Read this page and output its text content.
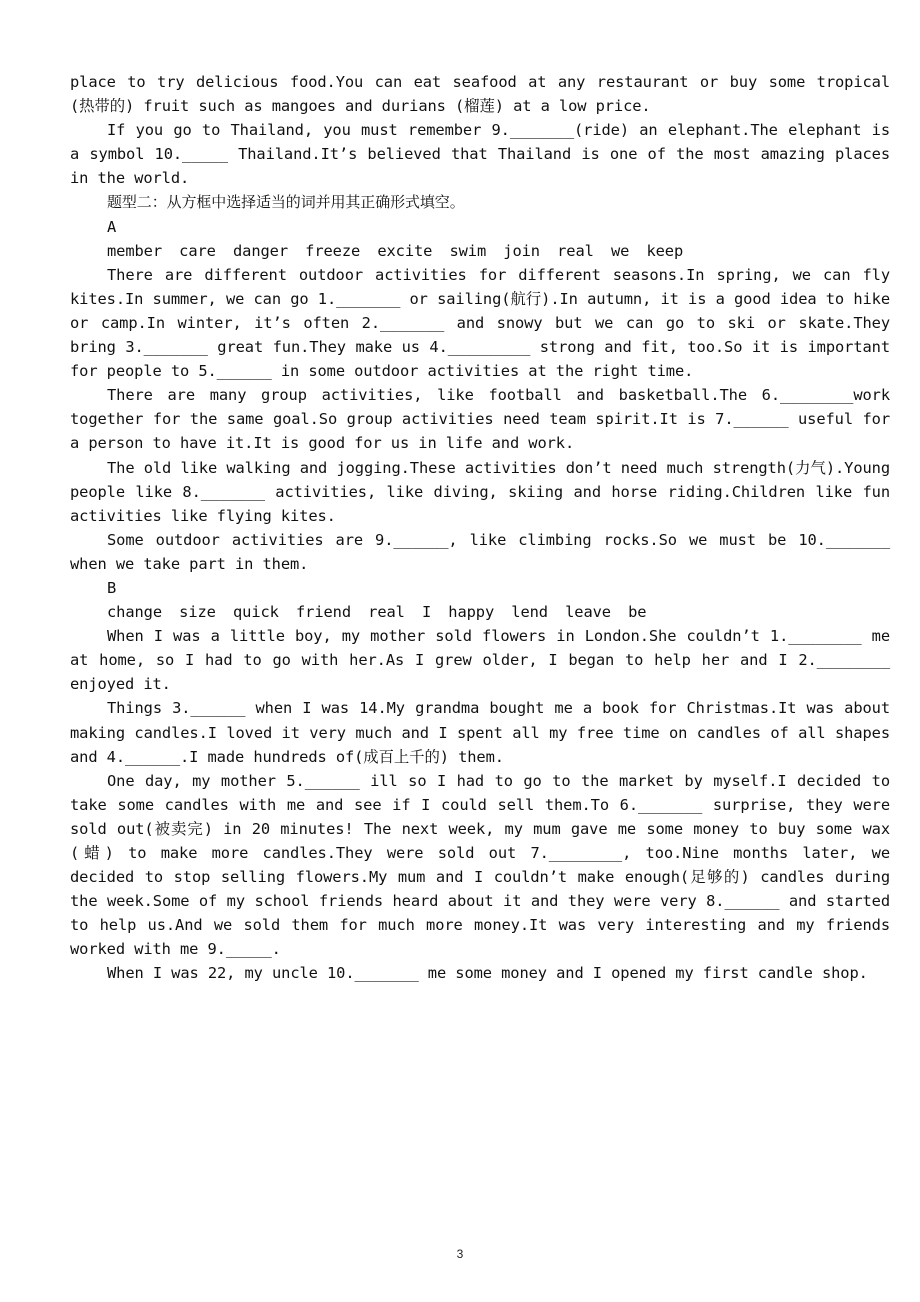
place to try delicious food.You can eat seafood at any restaurant or buy some tropical (热带的) fruit such as mangoes and durians (榴莲) at a low price.

If you go to Thailand, you must remember 9._______(ride) an elephant.The elephant is a symbol 10._____ Thailand.It’s believed that Thailand is one of the most amazing places in the world.

题型二：从方框中选择适当的词并用其正确形式填空。

A

member care danger freeze excite swim join real we keep

There are different outdoor activities for different seasons.In spring, we can fly kites.In summer, we can go 1._______ or sailing(航行).In autumn, it is a good idea to hike or camp.In winter, it’s often 2._______ and snowy but we can go to ski or skate.They bring 3._______ great fun.They make us 4._________ strong and fit, too.So it is important for people to 5.______ in some outdoor activities at the right time.

There are many group activities, like football and basketball.The 6.________work together for the same goal.So group activities need team spirit.It is 7.______ useful for a person to have it.It is good for us in life and work.

The old like walking and jogging.These activities don’t need much strength(力气).Young people like 8._______ activities, like diving, skiing and horse riding.Children like fun activities like flying kites.

Some outdoor activities are 9.______, like climbing rocks.So we must be 10._______ when we take part in them.

B

change size quick friend real I happy lend leave be

When I was a little boy, my mother sold flowers in London.She couldn’t 1.________ me at home, so I had to go with her.As I grew older, I began to help her and I 2.________ enjoyed it.

Things 3.______ when I was 14.My grandma bought me a book for Christmas.It was about making candles.I loved it very much and I spent all my free time on candles of all shapes and 4.______.I made hundreds of(成百上千的) them.

One day, my mother 5.______ ill so I had to go to the market by myself.I decided to take some candles with me and see if I could sell them.To 6._______ surprise, they were sold out(被卖完) in 20 minutes! The next week, my mum gave me some money to buy some wax (蜡) to make more candles.They were sold out 7.________, too.Nine months later, we decided to stop selling flowers.My mum and I couldn’t make enough(足够的) candles during the week.Some of my school friends heard about it and they were very 8.______ and started to help us.And we sold them for much more money.It was very interesting and my friends worked with me 9._____.

When I was 22, my uncle 10._______ me some money and I opened my first candle shop.

3
